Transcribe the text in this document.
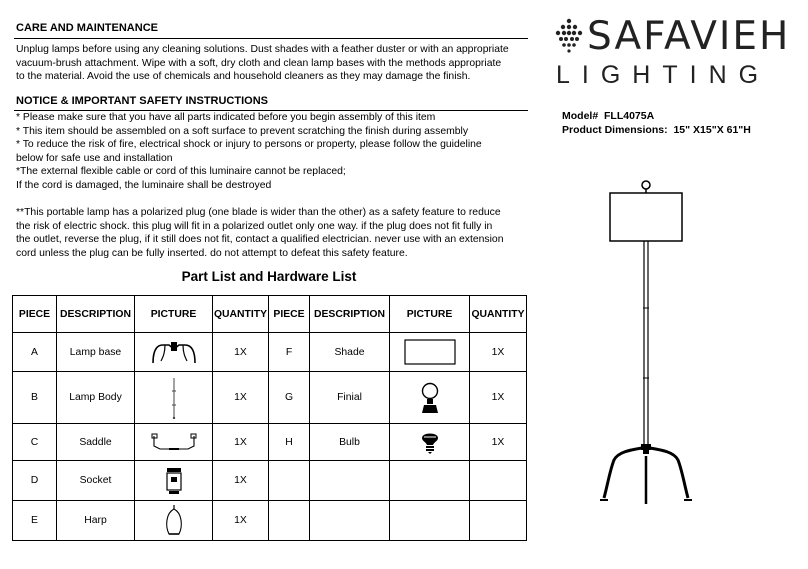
CARE AND MAINTENANCE
Unplug lamps before using any cleaning solutions. Dust shades with a feather duster or with an appropriate
vacuum-brush attachment. Wipe with a soft, dry cloth and clean lamp bases with the methods appropriate
to the material. Avoid the use of chemicals and household cleaners as they may damage the finish.
NOTICE & IMPORTANT SAFETY INSTRUCTIONS
* Please make sure that you have all parts indicated before you begin assembly of this item
* This item should be assembled on a soft surface to prevent scratching the finish during assembly
* To reduce the risk of fire, electrical shock or injury to persons or property, please follow the guideline
below for safe use and installation
*The external flexible cable or cord of this luminaire cannot be replaced;
If the cord is damaged, the luminaire shall be destroyed
**This portable lamp has a polarized plug (one blade is wider than the other) as a safety feature to reduce
the risk of electric shock. this plug will fit in a polarized outlet only one way. if the plug does not fit fully in
the outlet, reverse the plug, if it still does not fit, contact a qualified electrician. never use with an extension
cord unless the plug can be fully inserted. do not attempt to defeat this safety feature.
Part List and Hardware List
PIECE	DESCRIPTION	PICTURE	QUANTITY	PIECE	DESCRIPTION	PICTURE	QUANTITY
A	Lamp base		1X	F	Shade		1X
B	Lamp Body		1X	G	Finial		1X
C	Saddle		1X	H	Bulb		1X
D	Socket		1X				
E	Harp		1X				
SAFAVIEH
LIGHTING
Model# FLL4075A
Product Dimensions: 15" X15"X 61"H
